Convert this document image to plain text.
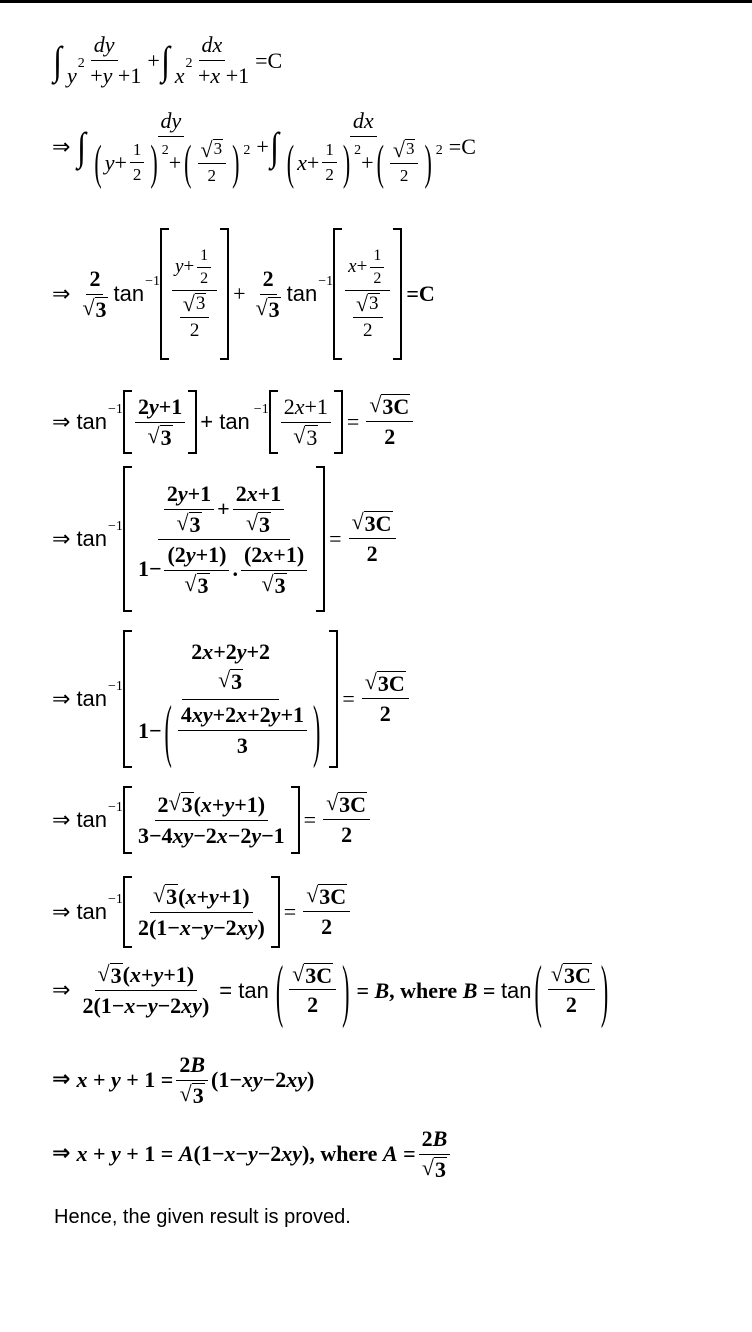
∫ $\frac{dy}{y 2 + y +1}$ + ∫ $\frac{dx}{x 2 + x +1} =C$
⇒ ∫ $\frac{dy}{( y + \frac{1}{2} ) 2 + ( \frac{√ 3}{2} ) 2}$ + ∫ $\frac{dx}{( x + \frac{1}{2} ) 2 + ( \frac{√ 3}{2} ) 2} =C$
⇒ $\frac{2}{√ 3}$ $\tan -1 \frac{y + \frac{1}{2}}{\frac{√ 3}{2}} + \frac{2}{√ 3}$ $\tan -1 \frac{x + \frac{1}{2}}{\frac{√ 3}{2}} =C$
⇒ $\tan -1 \frac{2 y +1}{√ 3} + \tan -1 \frac{2 x +1}{√ 3} = \frac{√ 3C}{2}$
⇒ $\tan -1 \frac{\frac{2 y +1}{√ 3} + \frac{2 x +1}{√ 3}}{1- \frac{(2 y +1)}{√ 3} . \frac{(2 x +1)}{√ 3}} = \frac{√ 3C}{2}$
⇒ tan −1 2 x +2 y +2
√ 3
1− ( $\frac{4 xy +2 x +2 y +1}{3}$ ) = $\frac{√ 3C}{2}$
⇒ $\tan -1 \frac{2 √ 3 ( x + y +1)}{3-4 xy -2 x -2 y -1} = \frac{√ 3C}{2}$
⇒ $\tan -1 \frac{√ 3 ( x + y +1)}{2(1- x - y -2 xy )} = \frac{√ 3C}{2}$
⇒ $\frac{√ 3 ( x + y +1)}{2(1- x - y -2 xy )} = \tan$ ( $\frac{√ 3C}{2}$ ) = B, where B = tan ( $\frac{√ 3C}{2}$ )
⇒ $x + y + 1 = \frac{2 B}{√ 3} (1-xy-2xy)$
⇒ x + y + 1 = A(1−x−y−2xy), where $A = \frac{2 B}{√ 3}$
Hence, the given result is proved.
